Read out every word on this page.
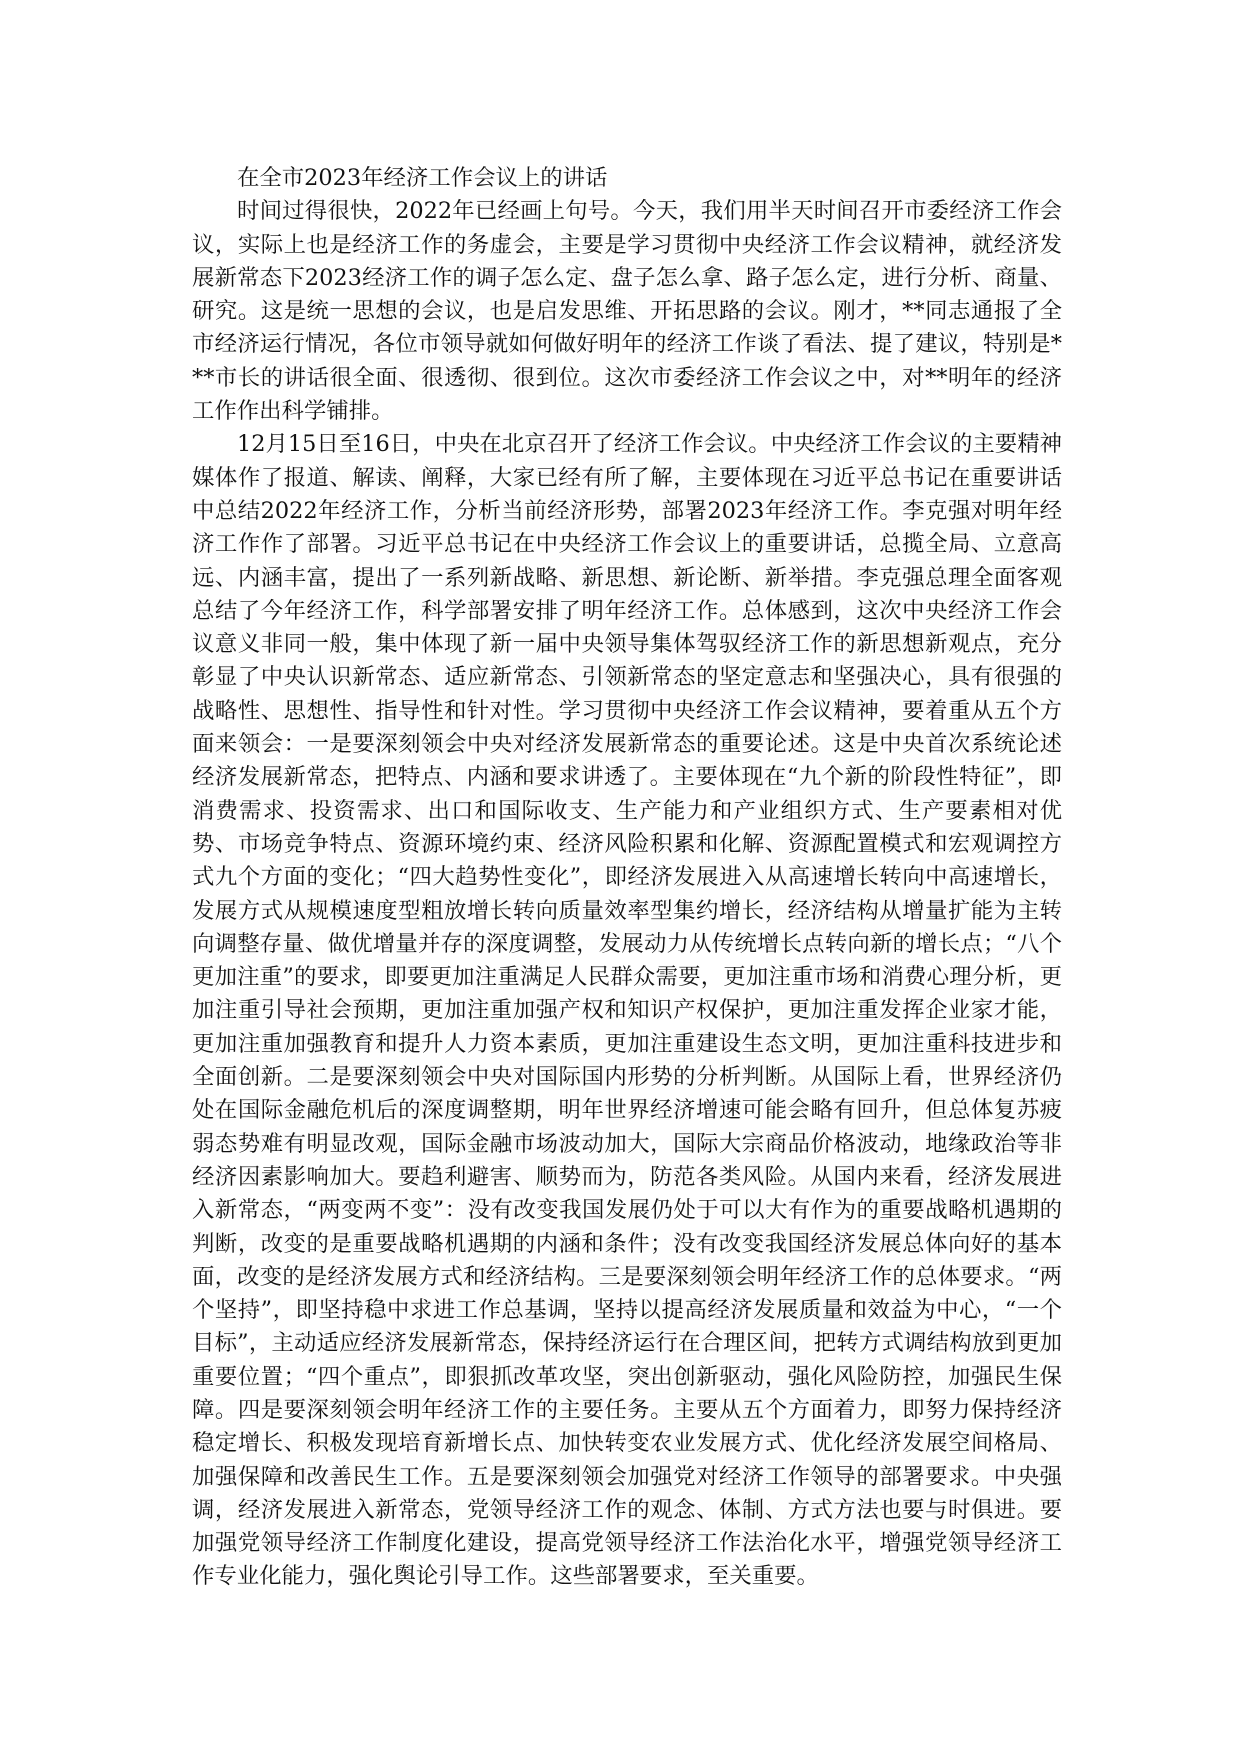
在全市2023年经济工作会议上的讲话

时间过得很快，2022年已经画上句号。今天，我们用半天时间召开市委经济工作会议，实际上也是经济工作的务虚会，主要是学习贯彻中央经济工作会议精神，就经济发展新常态下2023经济工作的调子怎么定、盘子怎么拿、路子怎么定，进行分析、商量、研究。这是统一思想的会议，也是启发思维、开拓思路的会议。刚才，**同志通报了全市经济运行情况，各位市领导就如何做好明年的经济工作谈了看法、提了建议，特别是***市长的讲话很全面、很透彻、很到位。这次市委经济工作会议之中，对**明年的经济工作作出科学铺排。

12月15日至16日，中央在北京召开了经济工作会议。中央经济工作会议的主要精神媒体作了报道、解读、阐释，大家已经有所了解，主要体现在习近平总书记在重要讲话中总结2022年经济工作，分析当前经济形势，部署2023年经济工作。李克强对明年经济工作作了部署。习近平总书记在中央经济工作会议上的重要讲话，总揽全局、立意高远、内涵丰富，提出了一系列新战略、新思想、新论断、新举措。李克强总理全面客观总结了今年经济工作，科学部署安排了明年经济工作。总体感到，这次中央经济工作会议意义非同一般，集中体现了新一届中央领导集体驾驭经济工作的新思想新观点，充分彰显了中央认识新常态、适应新常态、引领新常态的坚定意志和坚强决心，具有很强的战略性、思想性、指导性和针对性。学习贯彻中央经济工作会议精神，要着重从五个方面来领会：一是要深刻领会中央对经济发展新常态的重要论述。这是中央首次系统论述经济发展新常态，把特点、内涵和要求讲透了。主要体现在“九个新的阶段性特征”，即消费需求、投资需求、出口和国际收支、生产能力和产业组织方式、生产要素相对优势、市场竞争特点、资源环境约束、经济风险积累和化解、资源配置模式和宏观调控方式九个方面的变化；“四大趋势性变化”，即经济发展进入从高速增长转向中高速增长，发展方式从规模速度型粗放增长转向质量效率型集约增长，经济结构从增量扩能为主转向调整存量、做优增量并存的深度调整，发展动力从传统增长点转向新的增长点；“八个更加注重”的要求，即要更加注重满足人民群众需要，更加注重市场和消费心理分析，更加注重引导社会预期，更加注重加强产权和知识产权保护，更加注重发挥企业家才能，更加注重加强教育和提升人力资本素质，更加注重建设生态文明，更加注重科技进步和全面创新。二是要深刻领会中央对国际国内形势的分析判断。从国际上看，世界经济仍处在国际金融危机后的深度调整期，明年世界经济增速可能会略有回升，但总体复苏疲弱态势难有明显改观，国际金融市场波动加大，国际大宗商品价格波动，地缘政治等非经济因素影响加大。要趋利避害、顺势而为，防范各类风险。从国内来看，经济发展进入新常态，“两变两不变”：没有改变我国发展仍处于可以大有作为的重要战略机遇期的判断，改变的是重要战略机遇期的内涵和条件；没有改变我国经济发展总体向好的基本面，改变的是经济发展方式和经济结构。三是要深刻领会明年经济工作的总体要求。“两个坚持”，即坚持稳中求进工作总基调，坚持以提高经济发展质量和效益为中心，“一个目标”，主动适应经济发展新常态，保持经济运行在合理区间，把转方式调结构放到更加重要位置；“四个重点”，即狠抓改革攻坚，突出创新驱动，强化风险防控，加强民生保障。四是要深刻领会明年经济工作的主要任务。主要从五个方面着力，即努力保持经济稳定增长、积极发现培育新增长点、加快转变农业发展方式、优化经济发展空间格局、加强保障和改善民生工作。五是要深刻领会加强党对经济工作领导的部署要求。中央强调，经济发展进入新常态，党领导经济工作的观念、体制、方式方法也要与时俱进。要加强党领导经济工作制度化建设，提高党领导经济工作法治化水平，增强党领导经济工作专业化能力，强化舆论引导工作。这些部署要求，至关重要。
